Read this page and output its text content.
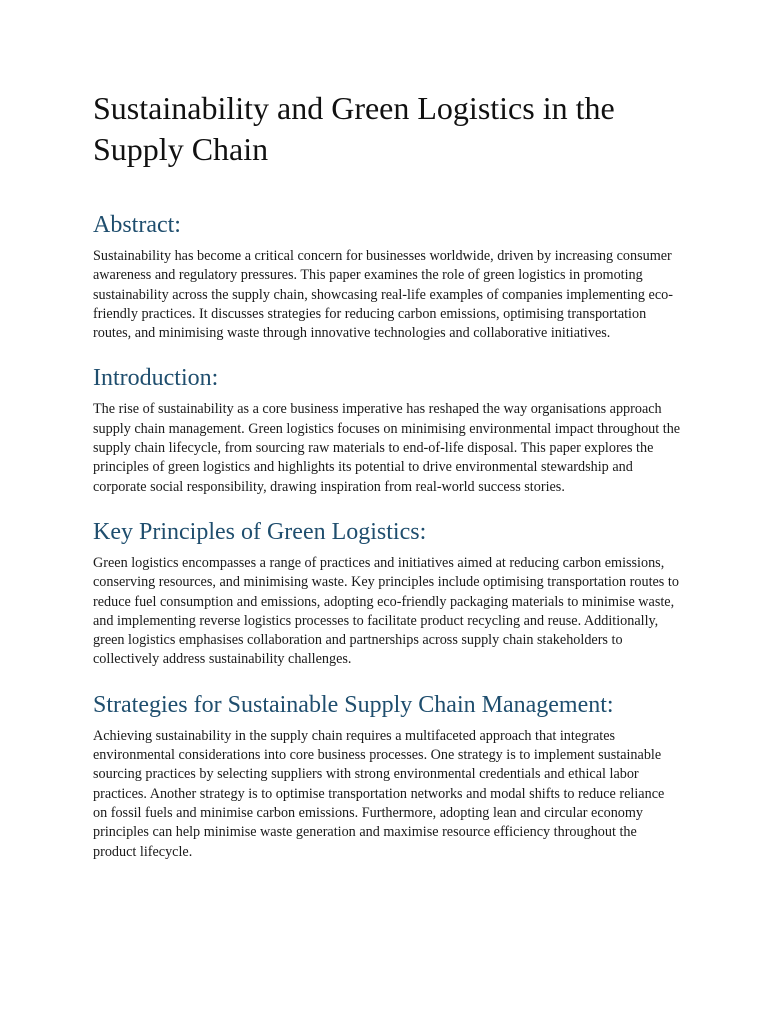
Sustainability and Green Logistics in the Supply Chain
Abstract:

Sustainability has become a critical concern for businesses worldwide, driven by increasing consumer awareness and regulatory pressures. This paper examines the role of green logistics in promoting sustainability across the supply chain, showcasing real-life examples of companies implementing eco-friendly practices. It discusses strategies for reducing carbon emissions, optimising transportation routes, and minimising waste through innovative technologies and collaborative initiatives.

Introduction:

The rise of sustainability as a core business imperative has reshaped the way organisations approach supply chain management. Green logistics focuses on minimising environmental impact throughout the supply chain lifecycle, from sourcing raw materials to end-of-life disposal. This paper explores the principles of green logistics and highlights its potential to drive environmental stewardship and corporate social responsibility, drawing inspiration from real-world success stories.

Key Principles of Green Logistics:

Green logistics encompasses a range of practices and initiatives aimed at reducing carbon emissions, conserving resources, and minimising waste. Key principles include optimising transportation routes to reduce fuel consumption and emissions, adopting eco-friendly packaging materials to minimise waste, and implementing reverse logistics processes to facilitate product recycling and reuse. Additionally, green logistics emphasises collaboration and partnerships across supply chain stakeholders to collectively address sustainability challenges.

Strategies for Sustainable Supply Chain Management:

Achieving sustainability in the supply chain requires a multifaceted approach that integrates environmental considerations into core business processes. One strategy is to implement sustainable sourcing practices by selecting suppliers with strong environmental credentials and ethical labor practices. Another strategy is to optimise transportation networks and modal shifts to reduce reliance on fossil fuels and minimise carbon emissions. Furthermore, adopting lean and circular economy principles can help minimise waste generation and maximise resource efficiency throughout the product lifecycle.
